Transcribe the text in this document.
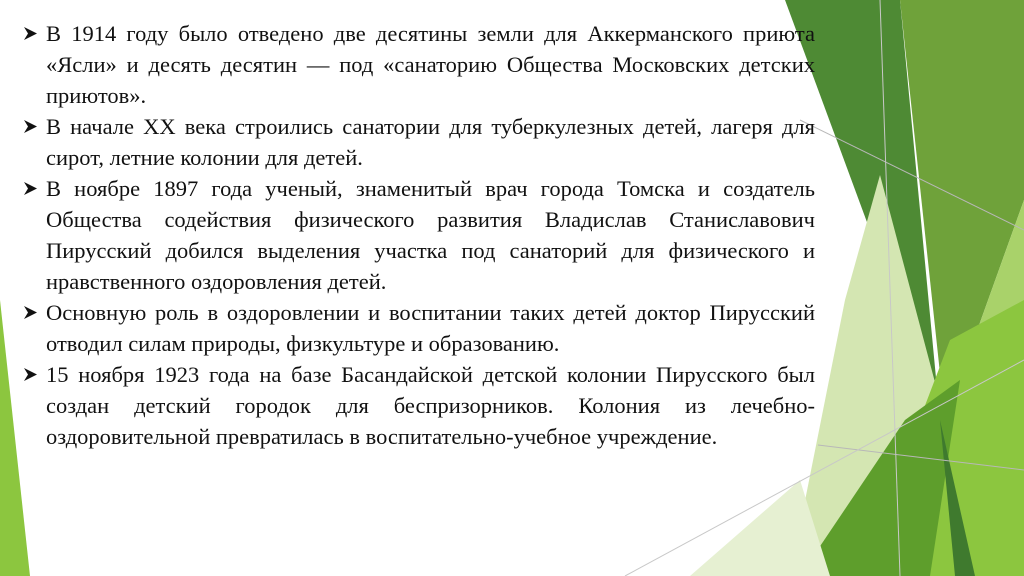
В 1914 году было отведено две десятины земли для Аккерманского приюта «Ясли» и десять десятин — под «санаторию Общества Московских детских приютов».
В начале XX века строились санатории для туберкулезных детей, лагеря для сирот, летние колонии для детей.
В ноябре 1897 года ученый, знаменитый врач города Томска и создатель Общества содействия физического развития Владислав Станиславович Пирусский добился выделения участка под санаторий для физического и нравственного оздоровления детей.
Основную роль в оздоровлении и воспитании таких детей доктор Пирусский отводил силам природы, физкультуре и образованию.
15 ноября 1923 года на базе Басандайской детской колонии Пирусского был создан детский городок для беспризорников. Колония из лечебно-оздоровительной превратилась в воспитательно-учебное учреждение.
